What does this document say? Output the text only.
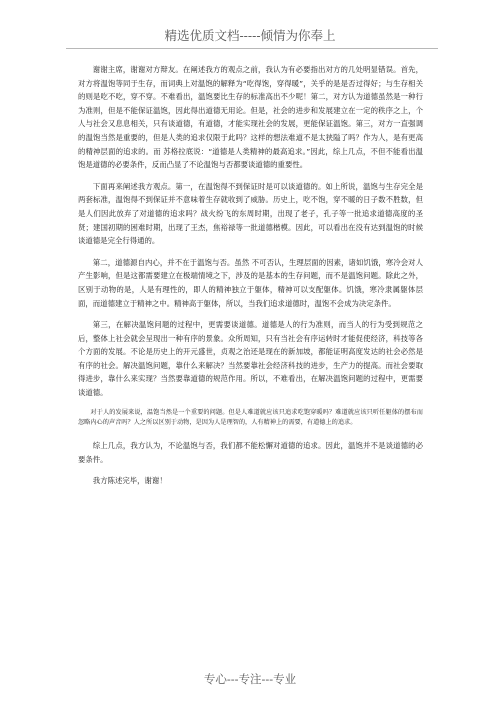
精选优质文档-----倾情为你奉上

谢谢主席，谢谢对方辩友。在阐述我方的观点之前，我认为有必要指出对方的几处明显错误。首先，对方将温饱等同于生存，而词典上对温饱的解释为“吃得饱，穿得暖”，关乎的是是否过得好；与生存相关的则是吃不吃，穿不穿。不难看出，温饱要比生存的标准高出不少呢！第二，对方认为道德虽然是一种行为准则，但是不能保证温饱，因此得出道德无用论。但是，社会的进步和发展建立在一定的秩序之上，个人与社会又息息相关，只有谈道德，有道德，才能实现社会的发展，更能保证温饱。第三，对方一直强调的温饱当然是重要的，但是人类的追求仅限于此吗？这样的想法难道不是太狭隘了吗？作为人，是有更高的精神层面的追求的。而 苏格拉底说：“道德是人类精神的最高追求。”因此，综上几点，不但不能看出温饱是道德的必要条件，反而凸显了不论温饱与否都要谈道德的重要性。

下面再来阐述我方观点。第一，在温饱得不到保证时是可以谈道德的。如上所说，温饱与生存完全是两套标准，温饱得不到保证并不意味着生存就收到了威胁。历史上，吃不饱，穿不暖的日子数不胜数，但是人们因此放弃了对道德的追求吗？战火纷飞的东周时期，出现了老子，孔子等一批追求道德高度的圣贤；建国初期的困难时期，出现了王杰，焦裕禄等一批道德楷模。因此，可以看出在没有达到温饱的时候谈道德是完全行得通的。

第二，道德源自内心，并不在于温饱与否。虽然 不可否认，生理层面的因素，诸如饥饿，寒冷会对人产生影响，但是这都需要建立在极端情境之下，涉及的是基本的生存问题，而不是温饱问题。除此之外，区别于动物的是，人是有理性的，即人的精神独立于躯体，精神可以支配躯体。饥饿，寒冷隶属躯体层面，而道德建立于精神之中。精神高于躯体，所以，当我们追求道德时，温饱不会成为决定条件。

第三，在解决温饱问题的过程中，更需要谈道德。道德是人的行为准则，而当人的行为受到规范之后，整体上社会就会呈现出一种有序的景象。众所周知，只有当社会有序运转时才能促使经济，科技等各个方面的发展。不论是历史上的开元盛世，贞观之治还是现在的新加坡，都能证明高度发达的社会必然是有序的社会。解决温饱问题，靠什么来解决？当然要靠社会经济科技的进步，生产力的提高。而社会要取得进步，靠什么来实现？当然要靠道德的规范作用。所以，不难看出，在解决温饱问题的过程中，更需要谈道德。

对于人的发展来说，温饱当然是一个重要的问题。但是人难道就应该只追求吃饱穿暖吗？难道就应该只听任躯体的摆布而忽略内心的声音吗？人之所以区别于动物，是因为人是理智的，人有精神上的需要，有道德上的追求。

综上几点，我方认为，不论温饱与否，我们都不能松懈对道德的追求。因此，温饱并不是谈道德的必要条件。

我方陈述完毕，谢谢！

专心---专注---专业
